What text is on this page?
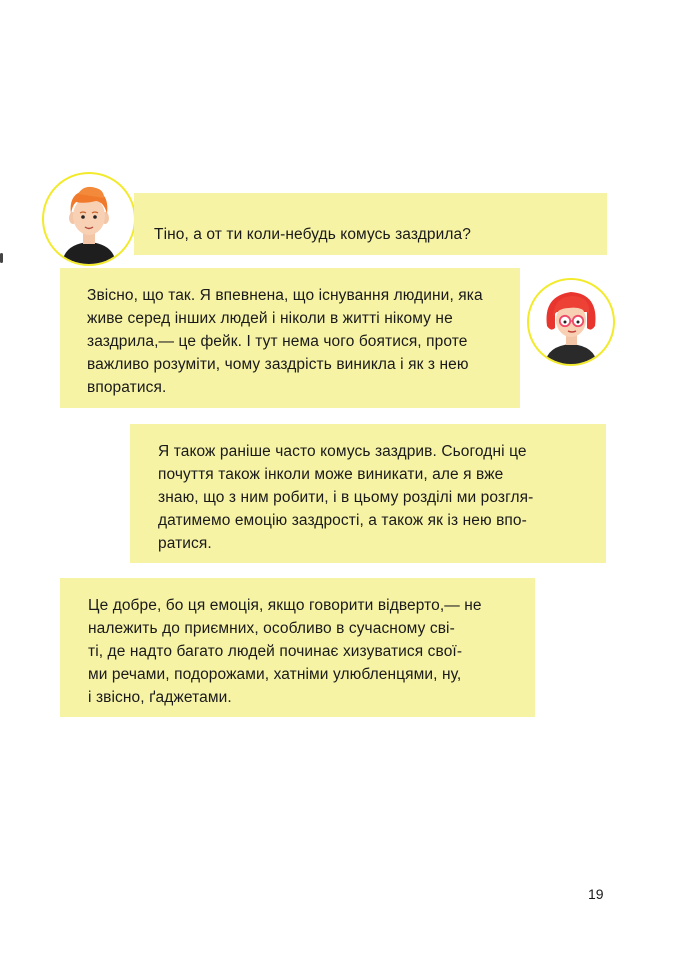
Тіно, а от ти коли-небудь комусь заздрила?

Звісно, що так. Я впевнена, що існування людини, яка

живе серед інших людей і ніколи в житті нікому не

заздрила,— це фейк. І тут нема чого боятися, проте

важливо розуміти, чому заздрість виникла і як з нею

впоратися.

Я також раніше часто комусь заздрив. Сьогодні це

почуття також інколи може виникати, але я вже

знаю, що з ним робити, і в цьому розділі ми розгля-

датимемо емоцію заздрості, а також як із нею впо-

ратися.

Це добре, бо ця емоція, якщо говорити відверто,— не

належить до приємних, особливо в сучасному сві-

ті, де надто багато людей починає хизуватися свої-

ми речами, подорожами, хатніми улюбленцями, ну,

і звісно, ґаджетами.

19
